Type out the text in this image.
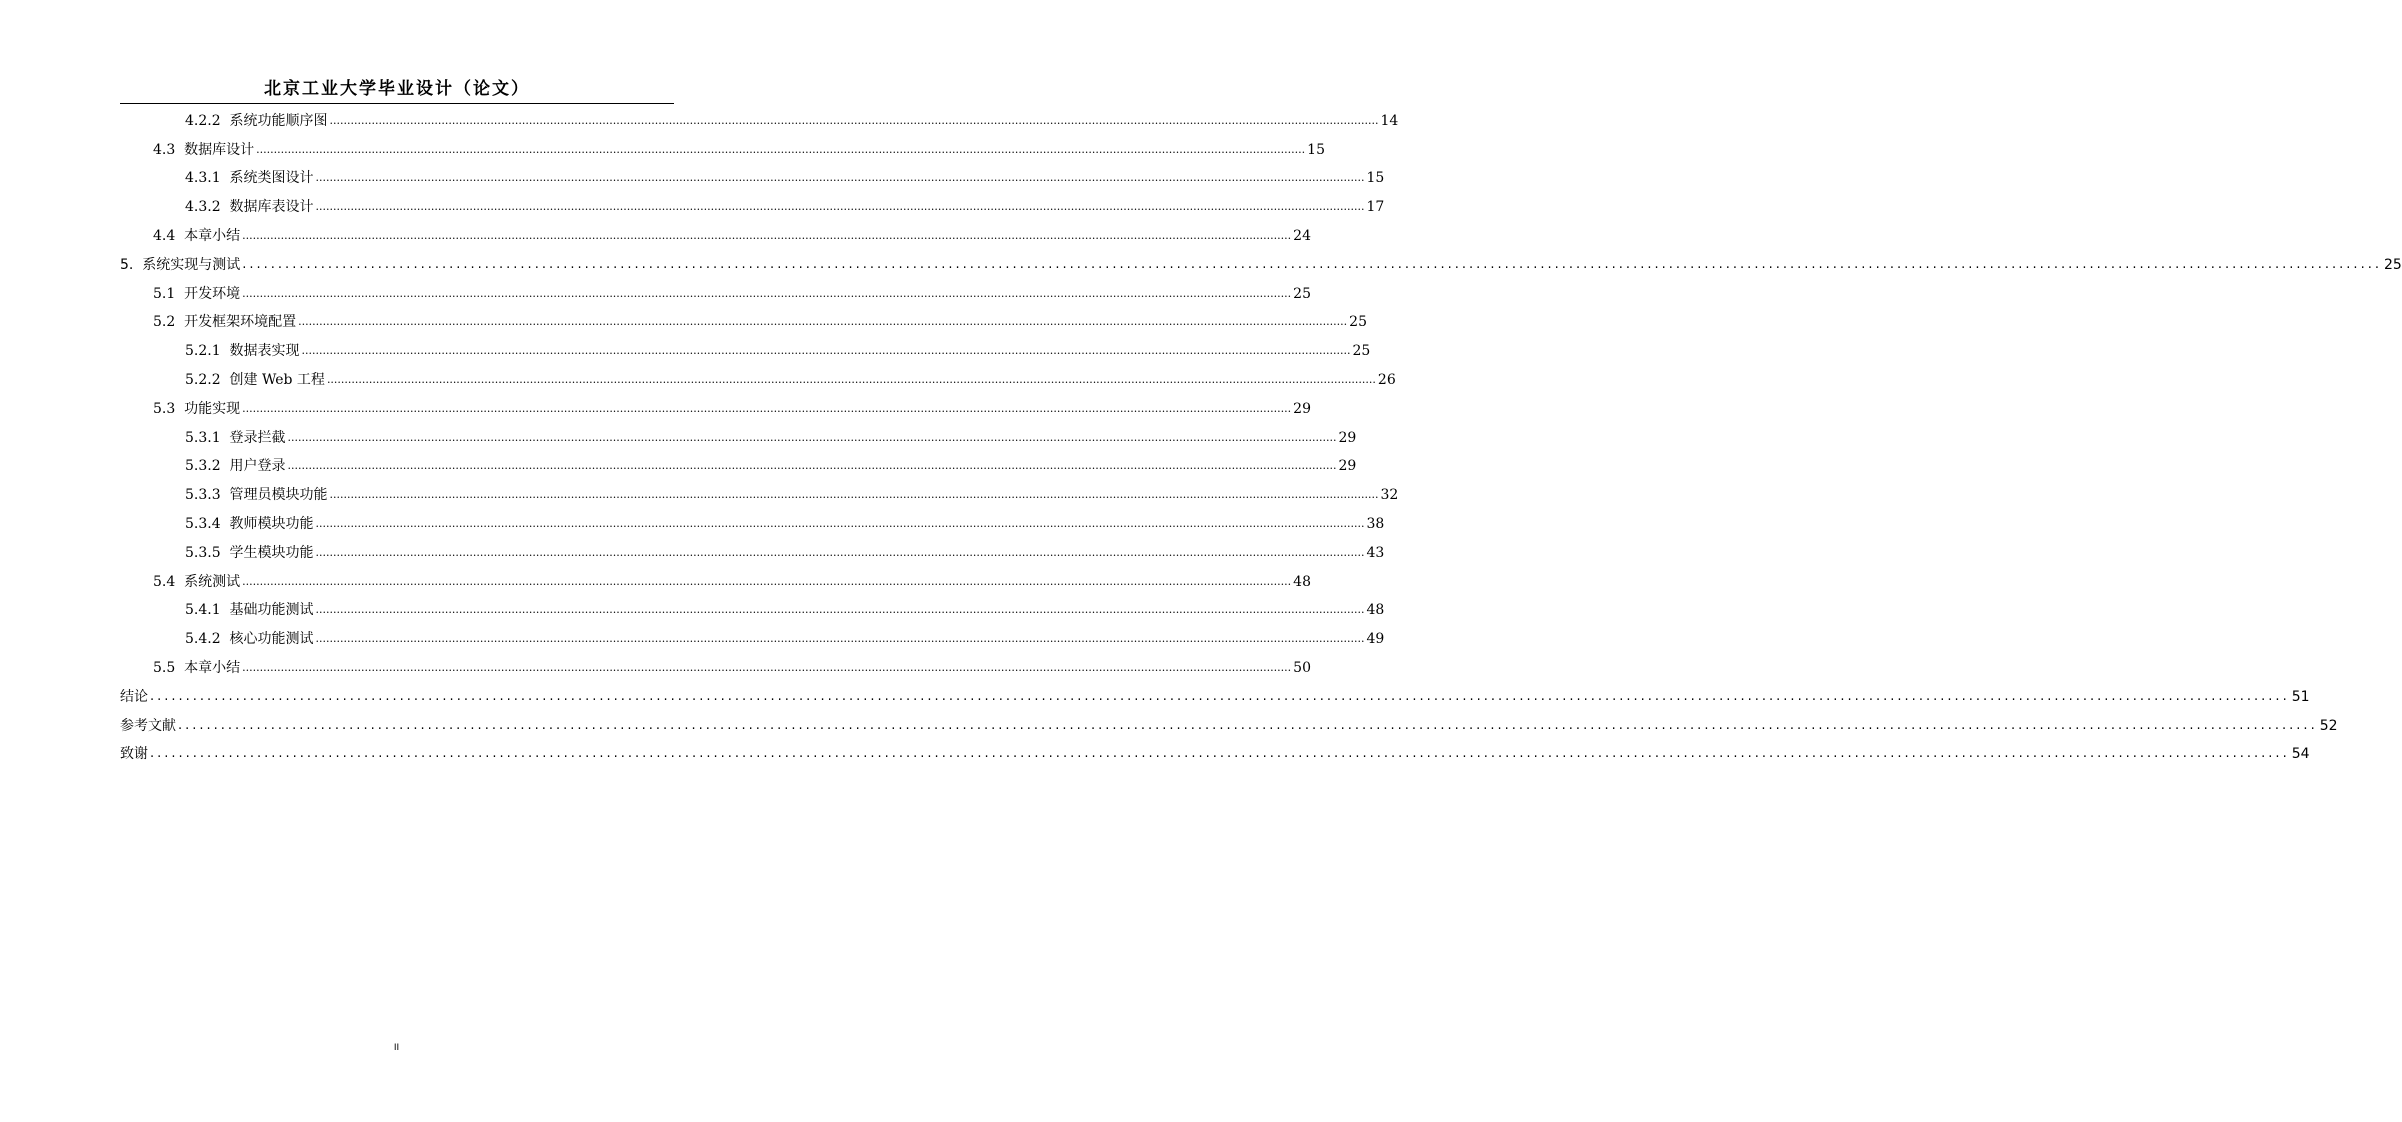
北京工业大学毕业设计（论文）
4.2.2
系统功能顺序图 ............................................................................................................................................................................................................................................................................................................ 14
4.3
数据库设计 ............................................................................................................................................................................................................................................................................................................ 15
4.3.1
系统类图设计 ............................................................................................................................................................................................................................................................................................................ 15
4.3.2
数据库表设计 ............................................................................................................................................................................................................................................................................................................ 17
4.4
本章小结 ............................................................................................................................................................................................................................................................................................................ 24
5.
系统实现与测试 ............................................................................................................................................................................................................................................................................................................ 25
5.1
开发环境 ............................................................................................................................................................................................................................................................................................................ 25
5.2
开发框架环境配置 ............................................................................................................................................................................................................................................................................................................ 25
5.2.1
数据表实现 ............................................................................................................................................................................................................................................................................................................ 25
5.2.2
创建 Web 工程 ............................................................................................................................................................................................................................................................................................................ 26
5.3
功能实现 ............................................................................................................................................................................................................................................................................................................ 29
5.3.1
登录拦截 ............................................................................................................................................................................................................................................................................................................ 29
5.3.2
用户登录 ............................................................................................................................................................................................................................................................................................................ 29
5.3.3
管理员模块功能 ............................................................................................................................................................................................................................................................................................................ 32
5.3.4
教师模块功能 ............................................................................................................................................................................................................................................................................................................ 38
5.3.5
学生模块功能 ............................................................................................................................................................................................................................................................................................................ 43
5.4
系统测试 ............................................................................................................................................................................................................................................................................................................ 48
5.4.1
基础功能测试 ............................................................................................................................................................................................................................................................................................................ 48
5.4.2
核心功能测试 ............................................................................................................................................................................................................................................................................................................ 49
5.5
本章小结 ............................................................................................................................................................................................................................................................................................................ 50
结论 ............................................................................................................................................................................................................................................................................................................ 51
参考文献 ............................................................................................................................................................................................................................................................................................................ 52
致谢 ............................................................................................................................................................................................................................................................................................................ 54
II
